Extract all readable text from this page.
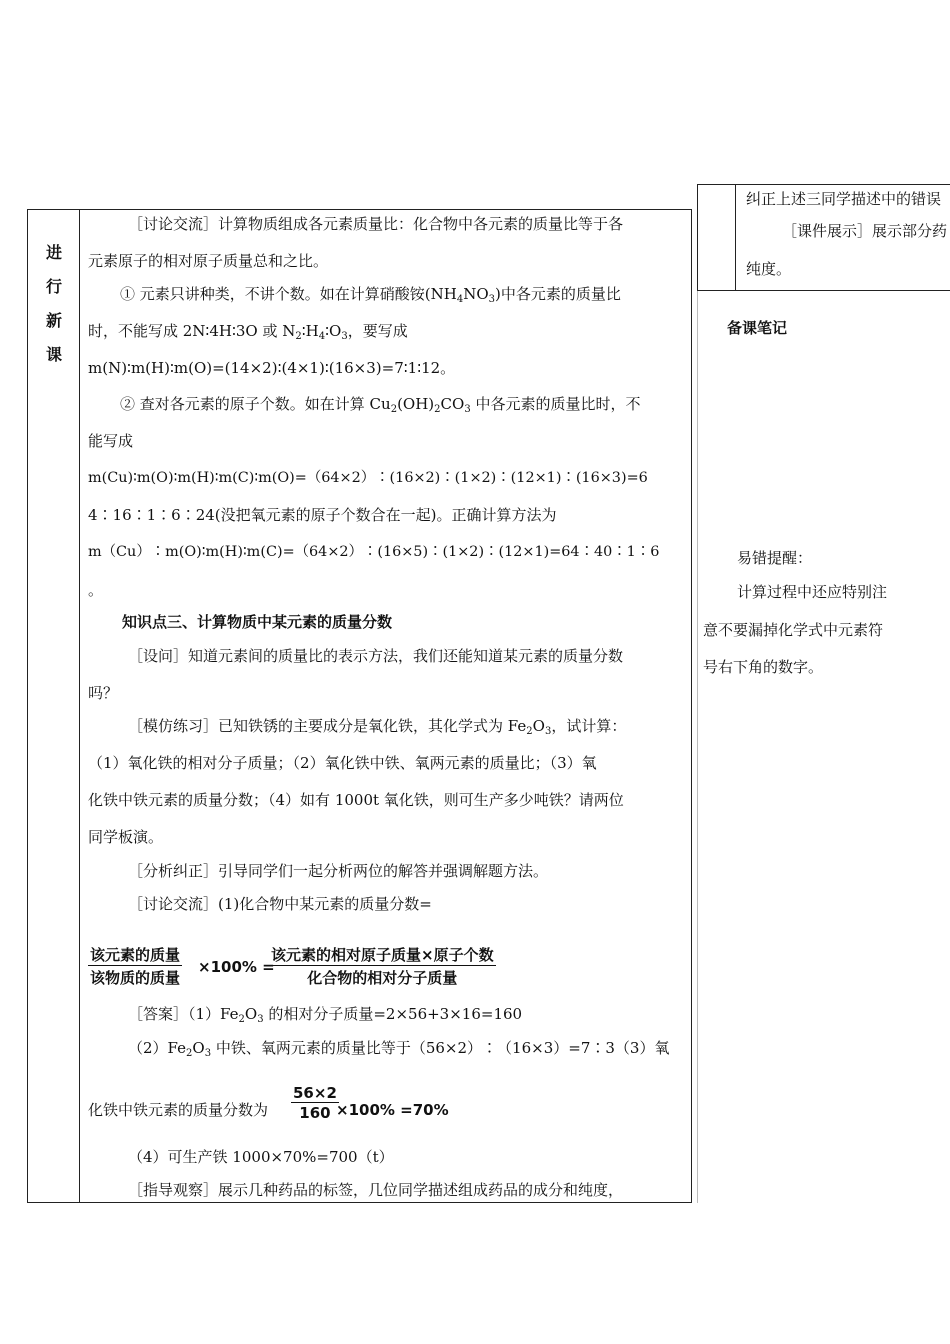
纠正上述三同学描述中的错误
［课件展示］展示部分药
纯度。
备课笔记
易错提醒：
计算过程中还应特别注
意不要漏掉化学式中元素符
号右下角的数字。
进
行
新
课
［讨论交流］计算物质组成各元素质量比：化合物中各元素的质量比等于各
元素原子的相对原子质量总和之比。
① 元素只讲种类，不讲个数。如在计算硝酸铵$(NH_4NO_3)$中各元素的质量比
时，不能写成 2N∶4H∶3O 或 $N_2∶H_4∶O_3$，要写成
m(N)∶m(H)∶m(O)=(14×2)∶(4×1)∶(16×3)=7∶1∶12。
② 查对各元素的原子个数。如在计算 $Cu_2(OH)_2CO_3$ 中各元素的质量比时，不
能写成
m(Cu)∶m(O)∶m(H)∶m(C)∶m(O)=（64×2）∶(16×2)∶(1×2)∶(12×1)∶(16×3)=6
4∶16∶1∶6∶24(没把氧元素的原子个数合在一起)。正确计算方法为
m（Cu）∶m(O)∶m(H)∶m(C)=（64×2）∶(16×5)∶(1×2)∶(12×1)=64∶40∶1∶6
。
知识点三、计算物质中某元素的质量分数
［设问］知道元素间的质量比的表示方法，我们还能知道某元素的质量分数
吗？
［模仿练习］已知铁锈的主要成分是氧化铁，其化学式为 $Fe_2O_3$，试计算：
（1）氧化铁的相对分子质量；（2）氧化铁中铁、氧两元素的质量比；（3）氧
化铁中铁元素的质量分数；（4）如有 1000t 氧化铁，则可生产多少吨铁？请两位
同学板演。
［分析纠正］引导同学们一起分析两位的解答并强调解题方法。
［讨论交流］(1)化合物中某元素的质量分数=
该元素的质量
该物质的质量
×100% =
该元素的相对原子质量×原子个数
化合物的相对分子质量
［答案$](1)Fe_2O_3$ 的相对分子质量=2×56+3×16=160
$(2)Fe_2O_3$ 中铁、氧两元素的质量比等于（56×2）∶（16×3）=7∶3（3）氧
化铁中铁元素的质量分数为 $\frac{56\times 2}{160}$
×100% =70%
（4）可生产铁 1000×70%=700（t）
［指导观察］展示几种药品的标签，几位同学描述组成药品的成分和纯度，
